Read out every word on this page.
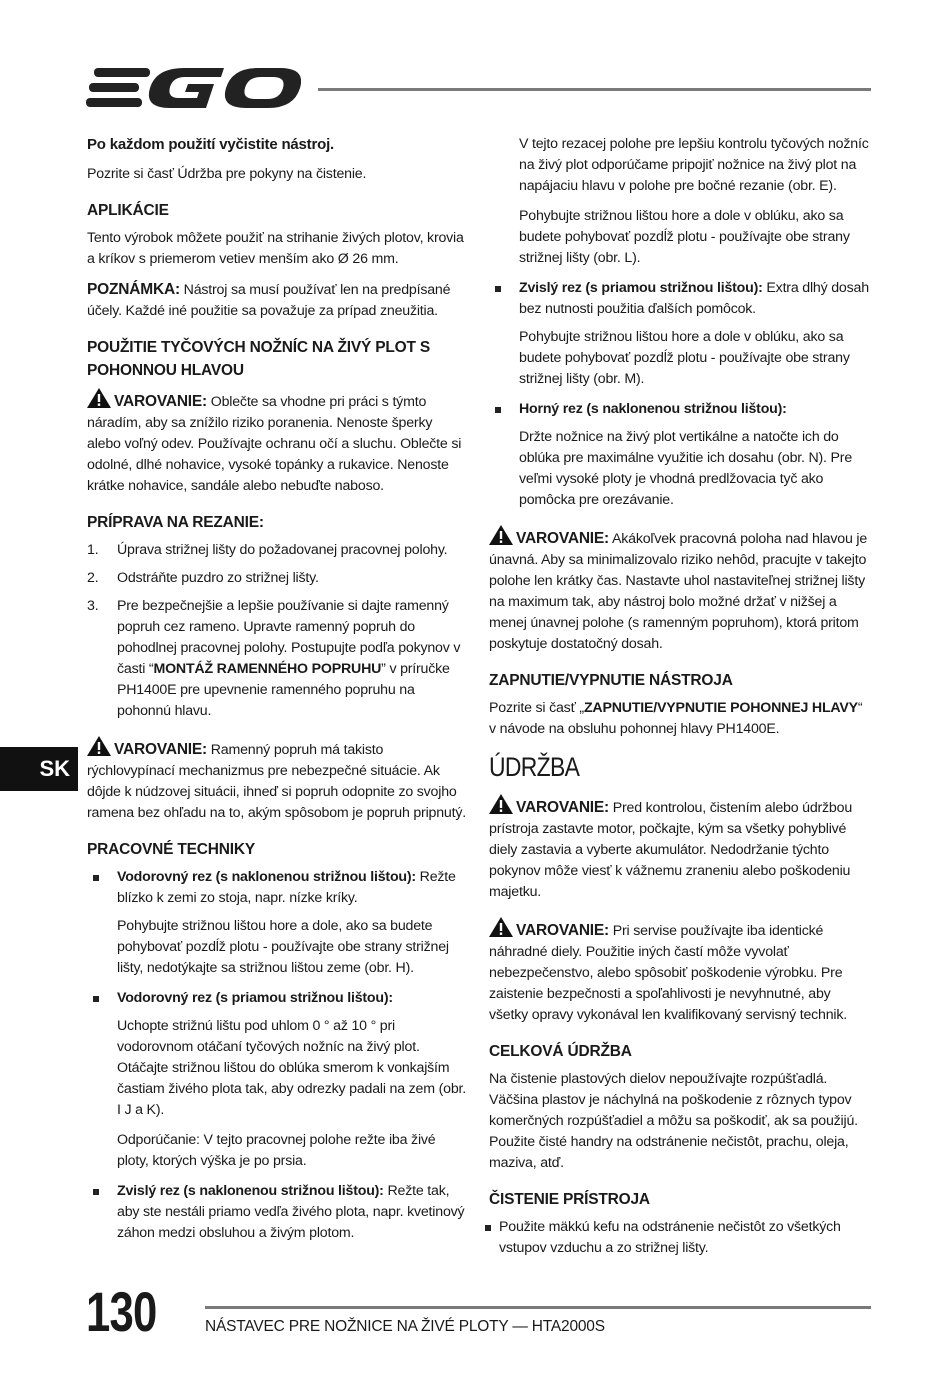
Po každom použití vyčistite nástroj.

Pozrite si časť Údržba pre pokyny na čistenie.

APLIKÁCIE

Tento výrobok môžete použiť na strihanie živých plotov, krovia a kríkov s priemerom vetiev menším ako Ø 26 mm.

POZNÁMKA: Nástroj sa musí používať len na predpísané účely. Každé iné použitie sa považuje za prípad zneužitia.

POUŽITIE TYČOVÝCH NOŽNÍC NA ŽIVÝ PLOT S POHONNOU HLAVOU

VAROVANIE: Oblečte sa vhodne pri práci s týmto náradím, aby sa znížilo riziko poranenia. Nenoste šperky alebo voľný odev. Používajte ochranu očí a sluchu. Oblečte si odolné, dlhé nohavice, vysoké topánky a rukavice. Nenoste krátke nohavice, sandále alebo nebuďte naboso.

PRÍPRAVA NA REZANIE:
1.	Úprava strižnej lišty do požadovanej pracovnej polohy.
2.	Odstráňte puzdro zo strižnej lišty.
3.	Pre bezpečnejšie a lepšie používanie si dajte ramenný popruh cez rameno. Upravte ramenný popruh do pohodlnej pracovnej polohy. Postupujte podľa pokynov v časti “MONTÁŽ RAMENNÉHO POPRUHU” v príručke PH1400E pre upevnenie ramenného popruhu na pohonnú hlavu.

VAROVANIE: Ramenný popruh má takisto rýchlovypínací mechanizmus pre nebezpečné situácie. Ak dôjde k núdzovej situácii, ihneď si popruh odopnite zo svojho ramena bez ohľadu na to, akým spôsobom je popruh pripnutý.

PRACOVNÉ TECHNIKY
Vodorovný rez (s naklonenou strižnou lištou): Režte blízko k zemi zo stoja, napr. nízke kríky.

Pohybujte strižnou lištou hore a dole, ako sa budete pohybovať pozdĺž plotu - používajte obe strany strižnej lišty, nedotýkajte sa strižnou lištou zeme (obr. H).

Vodorovný rez (s priamou strižnou lištou):

Uchopte strižnú lištu pod uhlom 0 ° až 10 ° pri vodorovnom otáčaní tyčových nožníc na živý plot. Otáčajte strižnou lištou do oblúka smerom k vonkajším častiam živého plota tak, aby odrezky padali na zem (obr. I J a K).

Odporúčanie: V tejto pracovnej polohe režte iba živé ploty, ktorých výška je po prsia.

Zvislý rez (s naklonenou strižnou lištou): Režte tak, aby ste nestáli priamo vedľa živého plota, napr. kvetinový záhon medzi obsluhou a živým plotom.

V tejto rezacej polohe pre lepšiu kontrolu tyčových nožníc na živý plot odporúčame pripojiť nožnice na živý plot na napájaciu hlavu v polohe pre bočné rezanie (obr. E).

Pohybujte strižnou lištou hore a dole v oblúku, ako sa budete pohybovať pozdĺž plotu - používajte obe strany strižnej lišty (obr. L).

Zvislý rez (s priamou strižnou lištou): Extra dlhý dosah bez nutnosti použitia ďalších pomôcok.

Pohybujte strižnou lištou hore a dole v oblúku, ako sa budete pohybovať pozdĺž plotu - používajte obe strany strižnej lišty (obr. M).

Horný rez (s naklonenou strižnou lištou):

Držte nožnice na živý plot vertikálne a natočte ich do oblúka pre maximálne využitie ich dosahu (obr. N). Pre veľmi vysoké ploty je vhodná predlžovacia tyč ako pomôcka pre orezávanie.

VAROVANIE: Akákoľvek pracovná poloha nad hlavou je únavná. Aby sa minimalizovalo riziko nehôd, pracujte v takejto polohe len krátky čas. Nastavte uhol nastaviteľnej strižnej lišty na maximum tak, aby nástroj bolo možné držať v nižšej a menej únavnej polohe (s ramenným popruhom), ktorá pritom poskytuje dostatočný dosah.

ZAPNUTIE/VYPNUTIE NÁSTROJA

Pozrite si časť „ZAPNUTIE/VYPNUTIE POHONNEJ HLAVY“ v návode na obsluhu pohonnej hlavy PH1400E.

ÚDRŽBA

VAROVANIE: Pred kontrolou, čistením alebo údržbou prístroja zastavte motor, počkajte, kým sa všetky pohyblivé diely zastavia a vyberte akumulátor. Nedodržanie týchto pokynov môže viesť k vážnemu zraneniu alebo poškodeniu majetku.

VAROVANIE: Pri servise používajte iba identické náhradné diely. Použitie iných častí môže vyvolať nebezpečenstvo, alebo spôsobiť poškodenie výrobku. Pre zaistenie bezpečnosti a spoľahlivosti je nevyhnutné, aby všetky opravy vykonával len kvalifikovaný servisný technik.

CELKOVÁ ÚDRŽBA

Na čistenie plastových dielov nepoužívajte rozpúšťadlá. Väčšina plastov je náchylná na poškodenie z rôznych typov komerčných rozpúšťadiel a môžu sa poškodiť, ak sa použijú. Použite čisté handry na odstránenie nečistôt, prachu, oleja, maziva, atď.

ČISTENIE PRÍSTROJA
Použite mäkkú kefu na odstránenie nečistôt zo všetkých vstupov vzduchu a zo strižnej lišty.
SK
130	NÁSTAVEC PRE NOŽNICE NA ŽIVÉ PLOTY — HTA2000S
